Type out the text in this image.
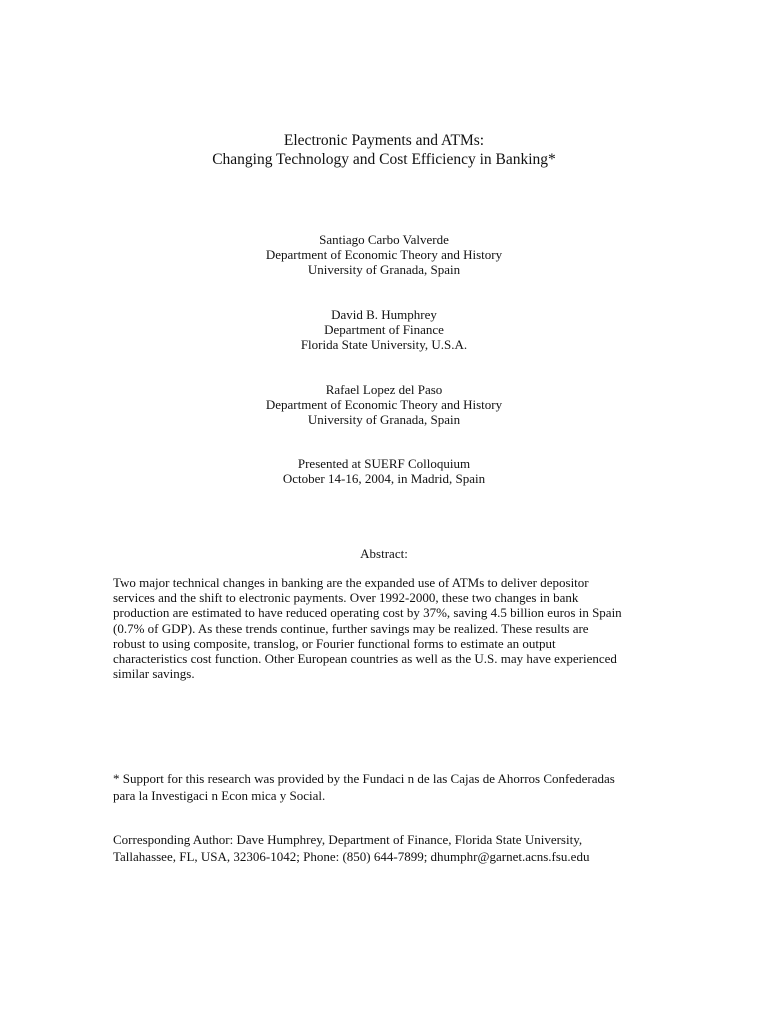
Electronic Payments and ATMs:
Changing Technology and Cost Efficiency in Banking*
Santiago Carbo Valverde
Department of Economic Theory and History
University of Granada, Spain
David B. Humphrey
Department of Finance
Florida State University, U.S.A.
Rafael Lopez del Paso
Department of Economic Theory and History
University of Granada, Spain
Presented at SUERF Colloquium
October 14-16, 2004, in Madrid, Spain
Abstract:
Two major technical changes in banking are the expanded use of ATMs to deliver depositor
services and the shift to electronic payments. Over 1992-2000, these two changes in bank
production are estimated to have reduced operating cost by 37%, saving 4.5 billion euros in Spain
(0.7% of GDP). As these trends continue, further savings may be realized. These results are
robust to using composite, translog, or Fourier functional forms to estimate an output
characteristics cost function. Other European countries as well as the U.S. may have experienced
similar savings.
* Support for this research was provided by the Fundaci n de las Cajas de Ahorros Confederadas
para la Investigaci n Econ mica y Social.
Corresponding Author: Dave Humphrey, Department of Finance, Florida State University,
Tallahassee, FL, USA, 32306-1042; Phone: (850) 644-7899; dhumphr@garnet.acns.fsu.edu
